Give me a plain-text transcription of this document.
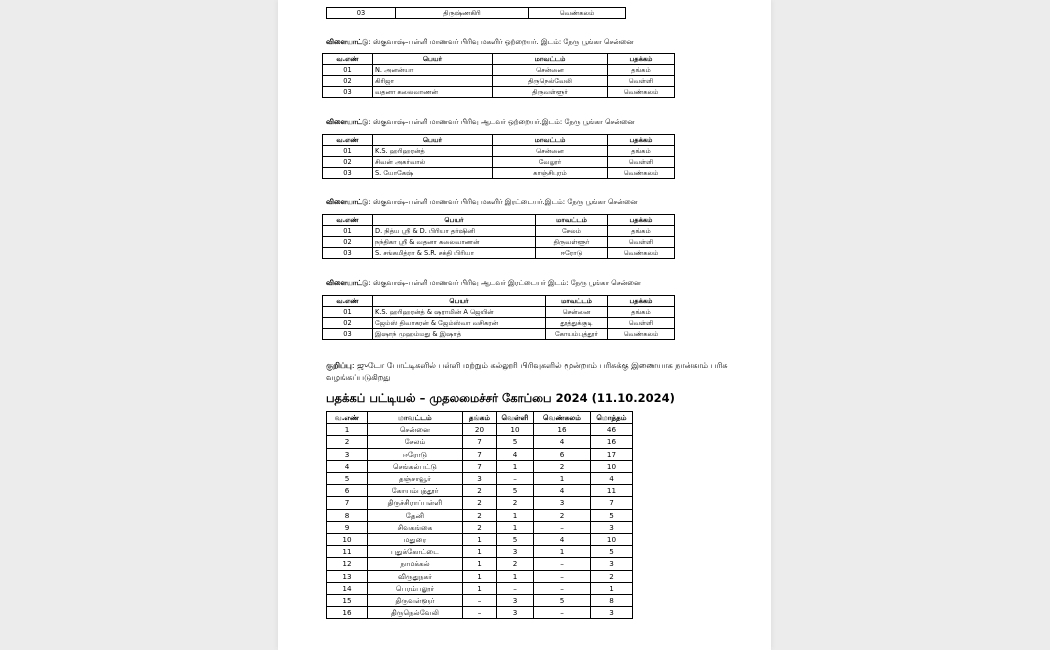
03	திருஷ்ணகிரி	வெண்கலம்
விளையாட்டு: ஸ்குவாஷ்–பள்ளி மாணவர் பிரிவு மகளிர் ஒற்றையர். இடம்: நேரு பூங்கா சென்னை
வ.எண்	பெயர்	மாவட்டம்	பதக்கம்
01	N. அனன்யா	சென்னை	தங்கம்
02	கிரிஜா	திருநெல்வேலி	வெள்ளி
03	வதனா கலைவாணன்	திருவள்ளூர்	வெண்கலம்
விளையாட்டு: ஸ்குவாஷ்–பள்ளி மாணவர் பிரிவு ஆடவர் ஒற்றையர்.இடம்: நேரு பூங்கா சென்னை
வ.எண்	பெயர்	மாவட்டம்	பதக்கம்
01	K.S. ஹரிஹரன்த்	சென்னை	தங்கம்
02	சிவன் அகர்வால்	வேலூர்	வெள்ளி
03	S. யோகேஷ்	காஞ்சிபுரம்	வெண்கலம்
விளையாட்டு: ஸ்குவாஷ்–பள்ளி மாணவர் பிரிவு மகளிர் இரட்டையர்.இடம்: நேரு பூங்கா சென்னை
வ.எண்	பெயர்	மாவட்டம்	பதக்கம்
01	D. நித்ய ஸ்ரீ & D. பிரியா தர்ஷினி	சேலம்	தங்கம்
02	நந்திகா ஸ்ரீ & வதனா கலைவாணன்	திருவள்ளூர்	வெள்ளி
03	S. சங்கமித்ரா & S.R. சக்தி பிரியா	ஈரோடு	வெண்கலம்
விளையாட்டு: ஸ்குவாஷ்–பள்ளி மாணவர் பிரிவு ஆடவர் இரட்டையர் இடம்: நேரு பூங்கா சென்னை
வ.எண்	பெயர்	மாவட்டம்	பதக்கம்
01	K.S. ஹரிஹரன்த் & ஷராமின் A ஜெயின்	சென்னை	தங்கம்
02	ஜேம்ஸ் திவாகரன் & ஜேம்ஸ்வா வசிகரன்	தூத்துக்குடி	வெள்ளி
03	இஷாந் முஹம்மது & இஷாத்	கோயம்புத்தூர்	வெண்கலம்
குறிப்பு: ஜுடோ போட்டிகளில் பள்ளி மற்றும் கல்லூரி பிரிவுகளில் மூன்றாம் பரிசுக்கு இணையாக நான்காம் பரிசு வழங்கப்படுகிறது
பதக்கப் பட்டியல் – முதலமைச்சர் கோப்பை 2024 (11.10.2024)
வ.எண்	மாவட்டம்	தங்கம்	வெள்ளி	வெண்கலம்	மொத்தம்
1	சென்னை	20	10	16	46
2	சேலம்	7	5	4	16
3	ஈரோடு	7	4	6	17
4	செங்கல்பட்டு	7	1	2	10
5	தஞ்சாவூர்	3	–	1	4
6	கோயம்புத்தூர்	2	5	4	11
7	திருச்சிராப்பள்ளி	2	2	3	7
8	தேனி	2	1	2	5
9	சிவகங்கை	2	1	–	3
10	மதுரை	1	5	4	10
11	புதுக்கோட்டை	1	3	1	5
12	நாமக்கல்	1	2	–	3
13	விருதுநகர்	1	1	–	2
14	பெரம்பலூர்	1	–	–	1
15	திருவள்ளூர்	–	3	5	8
16	திருநெல்வேலி	–	3	–	3
